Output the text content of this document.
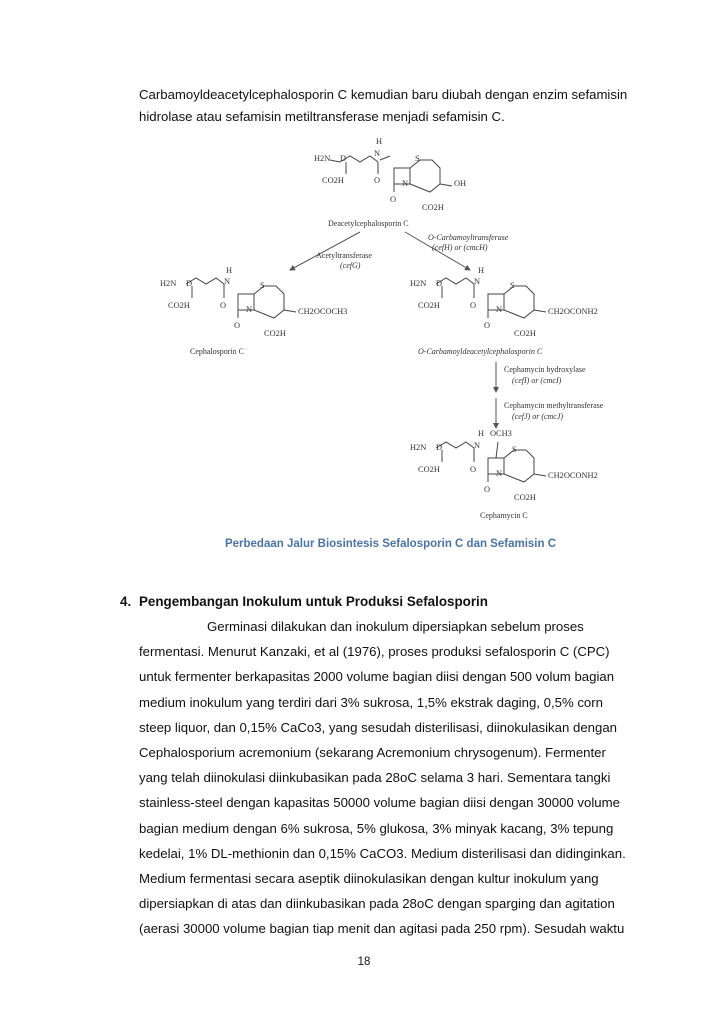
Carbamoyldeacetylcephalosporin C kemudian baru diubah dengan enzim sefamisin
hidrolase atau sefamisin metiltransferase menjadi sefamisin C.
H2N D
H
N
S
CO2H	O	N
O
OH
CO2H
Deacetylcephalosporin C
Acetyltransferase
(cefG)
O-Carbamoyltransferase
(cefH) or (cmcH)
H2N D
H
N	S
CO2H	O N
O
CH2OCOCH3
CO2H
Cephalosporin C
H2N D
H
N	S
CO2H	O N
O
CH2OCONH2
CO2H
O-Carbamoyldeacetylcephalosporin C
Cephamycin hydroxylase
(cefI) or (cmcI)
Cephamycin methyltransferase
(cefJ) or (cmcJ)
H2N D
H OCH3
N	S
CO2H	O N
O
CH2OCONH2
CO2H
Cephamycin C
Perbedaan Jalur Biosintesis Sefalosporin C dan Sefamisin C
4. Pengembangan Inokulum untuk Produksi Sefalosporin
Germinasi dilakukan dan inokulum dipersiapkan sebelum proses
fermentasi. Menurut Kanzaki, et al (1976), proses produksi sefalosporin C (CPC)
untuk fermenter berkapasitas 2000 volume bagian diisi dengan 500 volum bagian
medium inokulum yang terdiri dari 3% sukrosa, 1,5% ekstrak daging, 0,5% corn
steep liquor, dan 0,15% CaCo3, yang sesudah disterilisasi, diinokulasikan dengan
Cephalosporium acremonium (sekarang Acremonium chrysogenum). Fermenter
yang telah diinokulasi diinkubasikan pada 28oC selama 3 hari. Sementara tangki
stainless-steel dengan kapasitas 50000 volume bagian diisi dengan 30000 volume
bagian medium dengan 6% sukrosa, 5% glukosa, 3% minyak kacang, 3% tepung
kedelai, 1% DL-methionin dan 0,15% CaCO3. Medium disterilisasi dan didinginkan.
Medium fermentasi secara aseptik diinokulasikan dengan kultur inokulum yang
dipersiapkan di atas dan diinkubasikan pada 28oC dengan sparging dan agitation
(aerasi 30000 volume bagian tiap menit dan agitasi pada 250 rpm). Sesudah waktu
18
